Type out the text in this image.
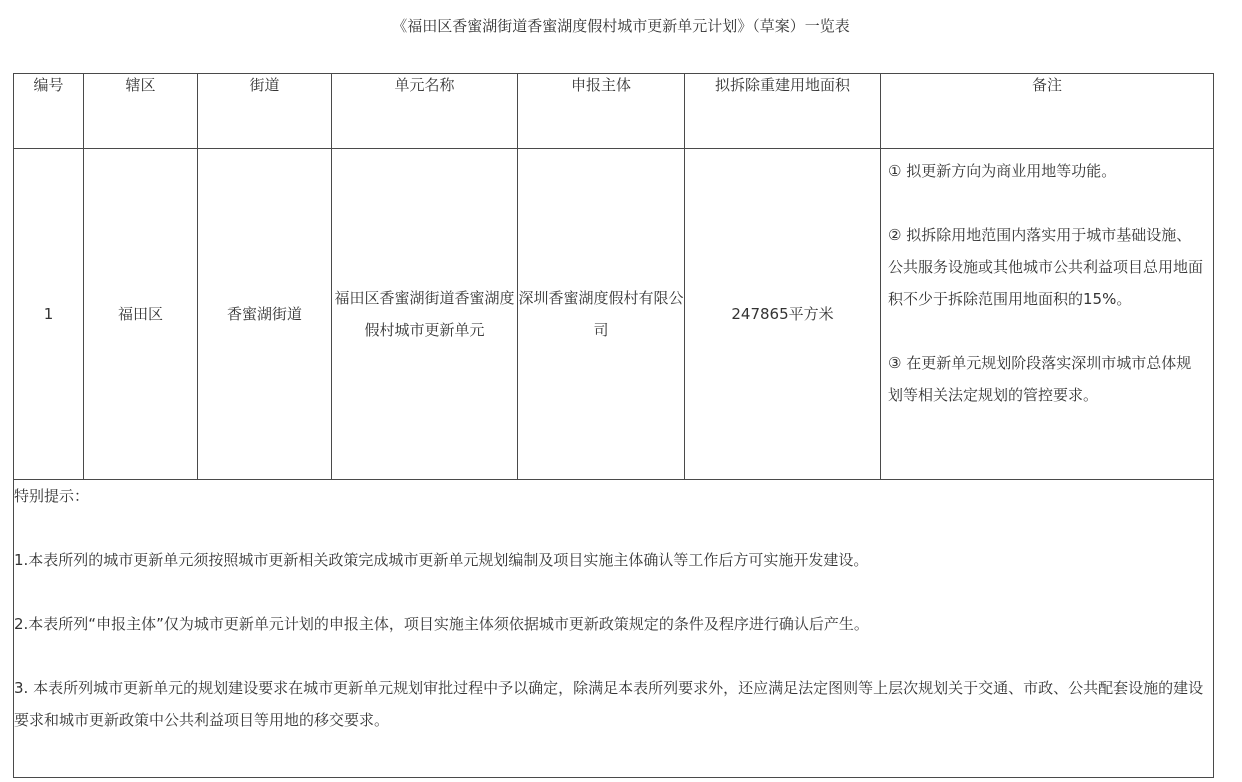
《福田区香蜜湖街道香蜜湖度假村城市更新单元计划》（草案）一览表
编号	辖区	街道	单元名称	申报主体	拟拆除重建用地面积	备注
1	福田区	香蜜湖街道	福田区香蜜湖街道香蜜湖度假村城市更新单元	深圳香蜜湖度假村有限公司	247865平方米	① 拟更新方向为商业用地等功能。

② 拟拆除用地范围内落实用于城市基础设施、公共服务设施或其他城市公共利益项目总用地面积不少于拆除范围用地面积的15%。

③ 在更新单元规划阶段落实深圳市城市总体规划等相关法定规划的管控要求。

特别提示：

1.本表所列的城市更新单元须按照城市更新相关政策完成城市更新单元规划编制及项目实施主体确认等工作后方可实施开发建设。

2.本表所列“申报主体”仅为城市更新单元计划的申报主体，项目实施主体须依据城市更新政策规定的条件及程序进行确认后产生。

3. 本表所列城市更新单元的规划建设要求在城市更新单元规划审批过程中予以确定，除满足本表所列要求外，还应满足法定图则等上层次规划关于交通、市政、公共配套设施的建设要求和城市更新政策中公共利益项目等用地的移交要求。						
